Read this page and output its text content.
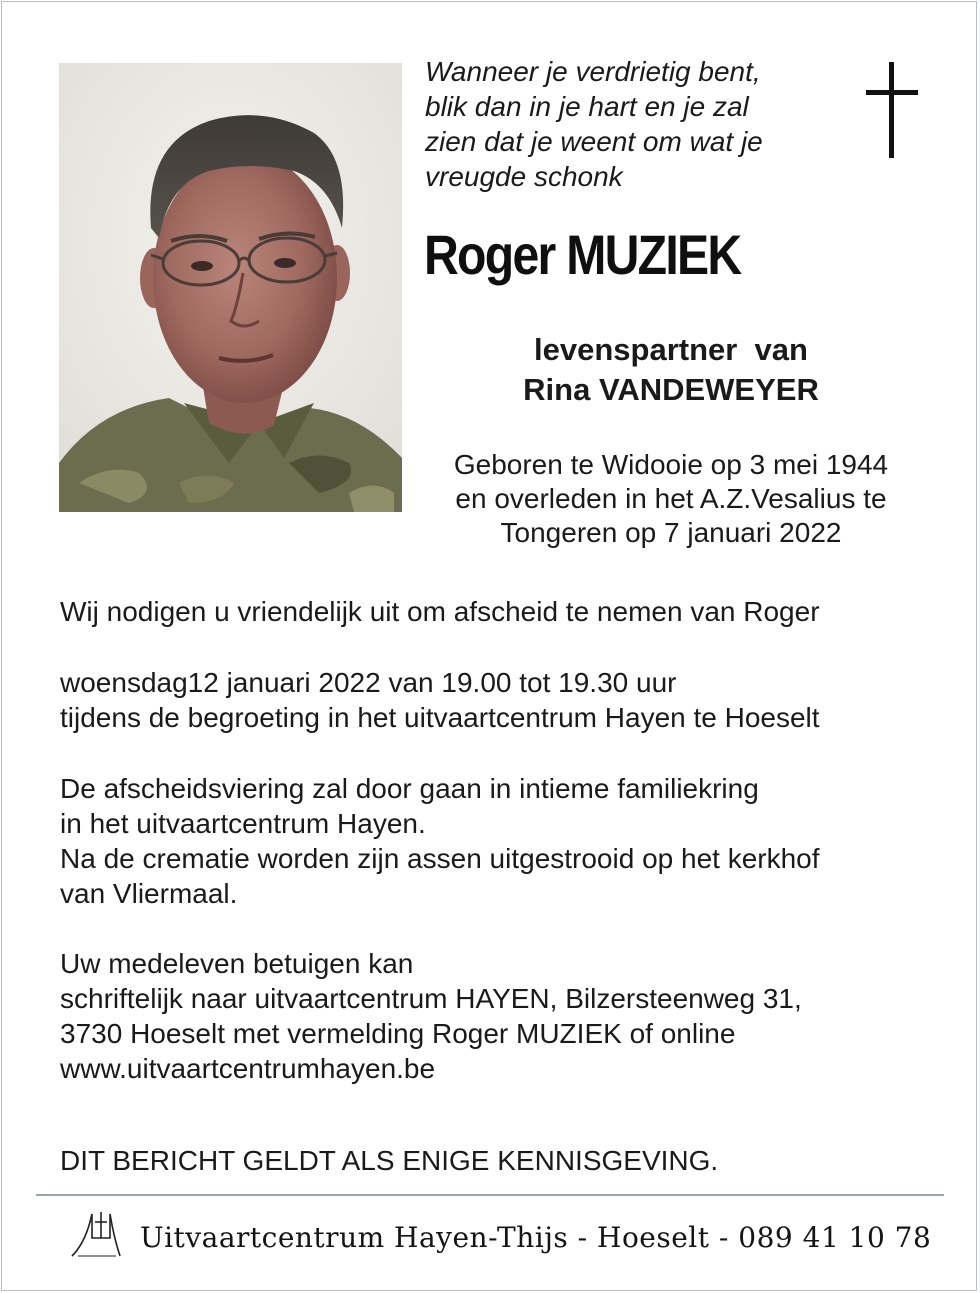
Wanneer je verdrietig bent,
blik dan in je hart en je zal
zien dat je weent om wat je
vreugde schonk
Roger MUZIEK
levenspartner  van
Rina VANDEWEYER
Geboren te Widooie op 3 mei 1944
en overleden in het A.Z.Vesalius te
Tongeren op 7 januari 2022
Wij nodigen u vriendelijk uit om afscheid te nemen van Roger
woensdag12 januari 2022 van 19.00 tot 19.30 uur
tijdens de begroeting in het uitvaartcentrum Hayen te Hoeselt
De afscheidsviering zal door gaan in intieme familiekring
in het uitvaartcentrum Hayen.
Na de crematie worden zijn assen uitgestrooid op het kerkhof
van Vliermaal.
Uw medeleven betuigen kan
schriftelijk naar uitvaartcentrum HAYEN, Bilzersteenweg 31,
3730 Hoeselt met vermelding Roger MUZIEK of online
www.uitvaartcentrumhayen.be
DIT BERICHT GELDT ALS ENIGE KENNISGEVING.
Uitvaartcentrum Hayen-Thijs - Hoeselt - 089 41 10 78
